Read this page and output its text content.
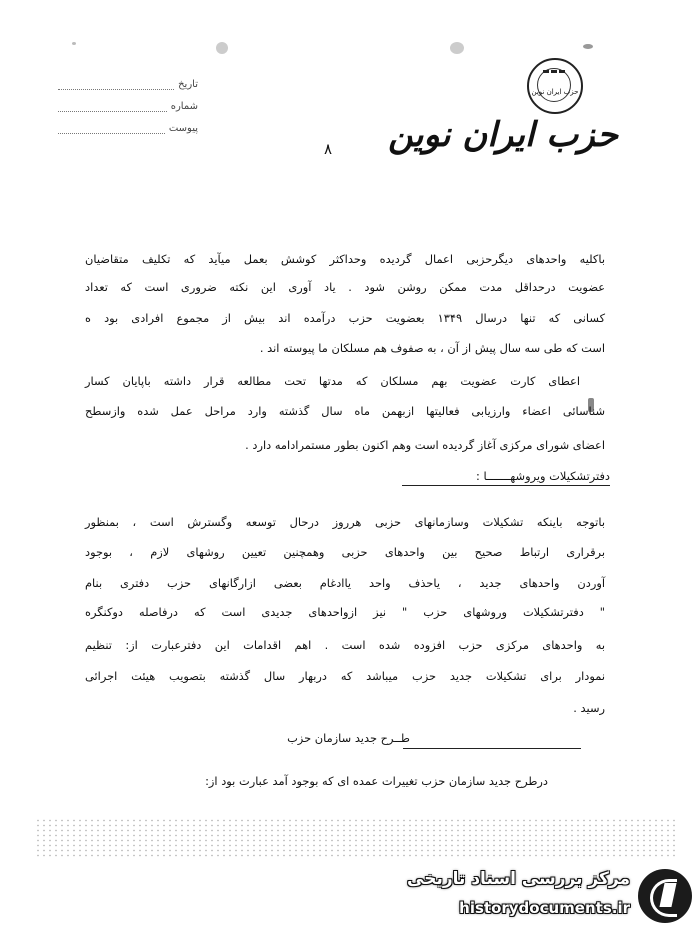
تاریخ
شماره
پیوست
حزب ایران نوین
حزب ایران نوین
۸
باکلیه واحدهای دیگرحزبی اعمال گردیده وحداکثر کوشش بعمل میآید که تکلیف متقاضیان
عضویت درحداقل مدت ممکن روشن شود . یاد آوری این نکته ضروری است که تعداد
کسانی که تنها درسال ۱۳۴۹ بعضویت حزب درآمده اند بیش از مجموع افرادی بود ه
است که طی سه سال پیش از آن ، به صفوف هم مسلکان ما پیوسته اند .
اعطای کارت عضویت بهم مسلکان که مدتها تحت مطالعه قرار داشته باپایان کسار
شناسائی اعضاء وارزیابی فعالیتها ازبهمن ماه سال گذشته وارد مراحل عمل شده وازسطح
اعضای شورای مرکزی آغاز گردیده است وهم اکنون بطور مستمرادامه دارد .
دفترتشکیلات ویروشهـــــــا :
باتوجه باینکه تشکیلات وسازمانهای حزبی هرروز درحال توسعه وگسترش است ، بمنظور
برقراری ارتباط صحیح بین واحدهای حزبی وهمچنین تعیین روشهای لازم ، بوجود
آوردن واحدهای جدید ، یاحذف واحد یاادغام بعضی ازارگانهای حزب دفتری بنام
" دفترتشکیلات وروشهای حزب " نیز ازواحدهای جدیدی است که درفاصله دوکنگره
به واحدهای مرکزی حزب افزوده شده است . اهم اقدامات این دفترعبارت از: تنظیم
نمودار برای تشکیلات جدید حزب میباشد که دربهار سال گذشته بتصویب هیئت اجرائی
رسید .
طــرح جدید سازمان حزب
درطرح جدید سازمان حزب تغییرات عمده ای که بوجود آمد عبارت بود از:
مرکز بررسی اسناد تاریخی
historydocuments.ir
